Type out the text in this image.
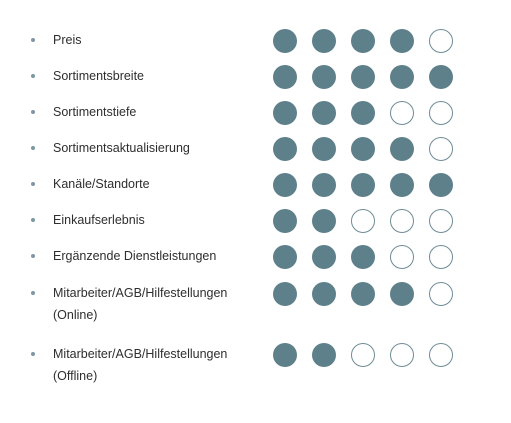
Preis
Sortimentsbreite
Sortimentstiefe
Sortimentsaktualisierung
Kanäle/Standorte
Einkaufserlebnis
Ergänzende Dienstleistungen
Mitarbeiter/AGB/Hilfestellungen (Online)
Mitarbeiter/AGB/Hilfestellungen (Offline)
